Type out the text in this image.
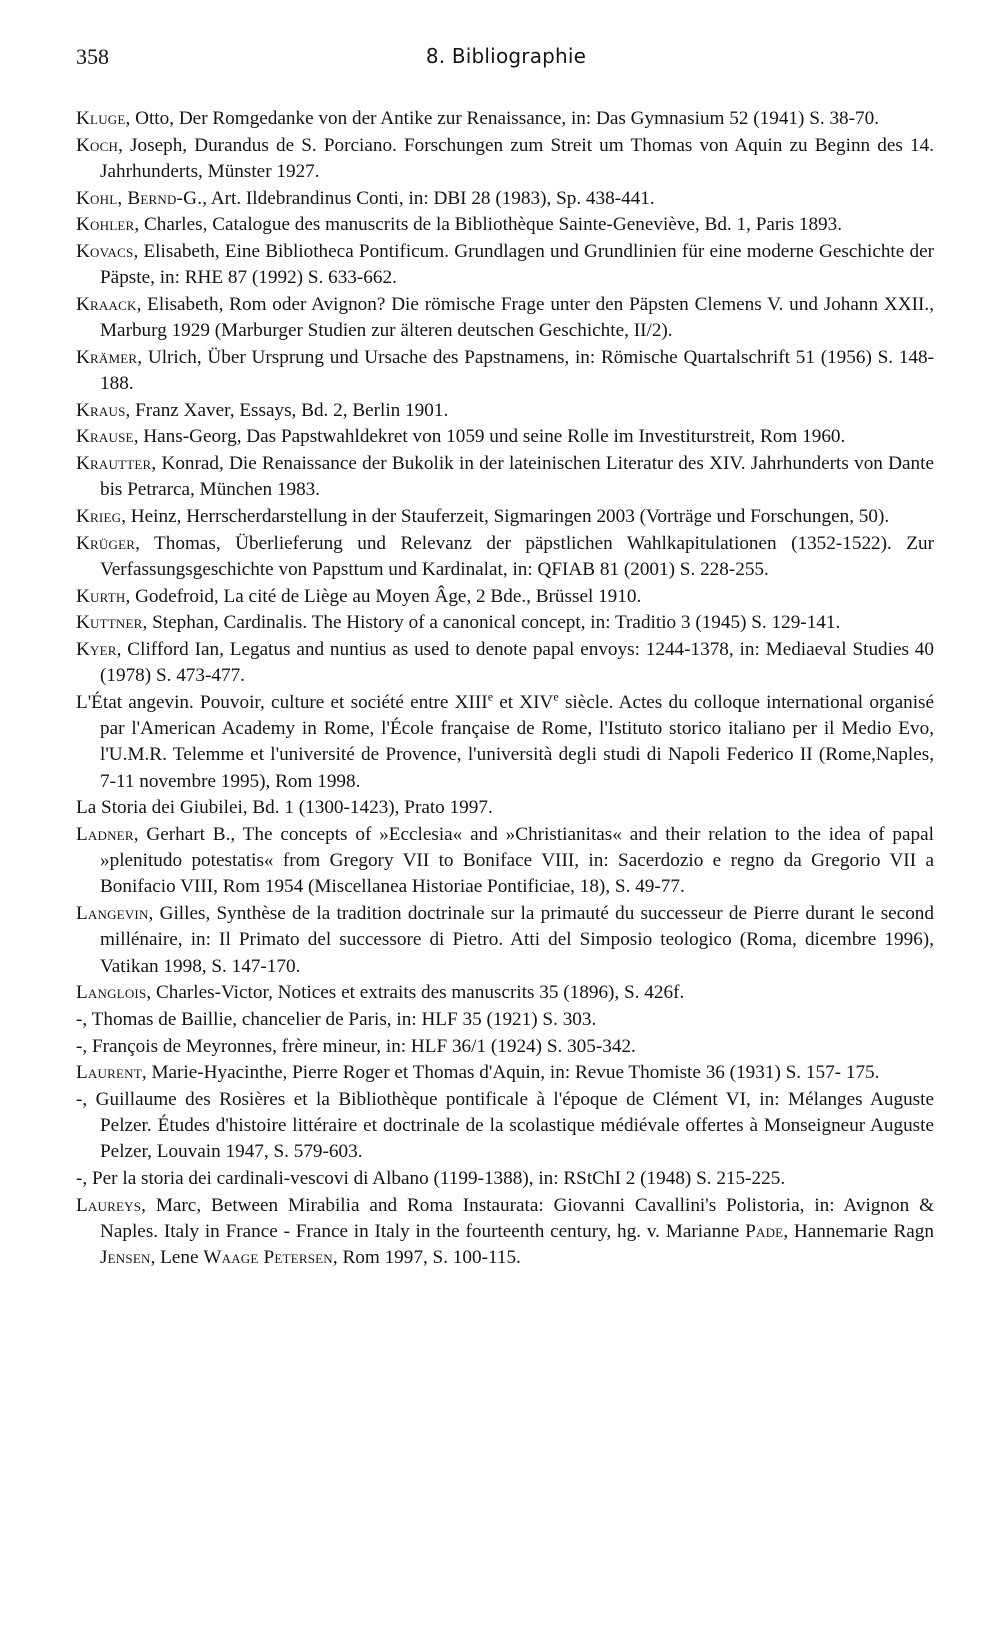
358	8. Bibliographie
Kluge, Otto, Der Romgedanke von der Antike zur Renaissance, in: Das Gymnasium 52 (1941) S. 38-70.
Koch, Joseph, Durandus de S. Porciano. Forschungen zum Streit um Thomas von Aquin zu Beginn des 14. Jahrhunderts, Münster 1927.
Kohl, Bernd-G., Art. Ildebrandinus Conti, in: DBI 28 (1983), Sp. 438-441.
Kohler, Charles, Catalogue des manuscrits de la Bibliothèque Sainte-Geneviève, Bd. 1, Paris 1893.
Kovacs, Elisabeth, Eine Bibliotheca Pontificum. Grundlagen und Grundlinien für eine moderne Geschichte der Päpste, in: RHE 87 (1992) S. 633-662.
Kraack, Elisabeth, Rom oder Avignon? Die römische Frage unter den Päpsten Clemens V. und Johann XXII., Marburg 1929 (Marburger Studien zur älteren deutschen Geschichte, II/2).
Krämer, Ulrich, Über Ursprung und Ursache des Papstnamens, in: Römische Quartalschrift 51 (1956) S. 148-188.
Kraus, Franz Xaver, Essays, Bd. 2, Berlin 1901.
Krause, Hans-Georg, Das Papstwahldekret von 1059 und seine Rolle im Investiturstreit, Rom 1960.
Krautter, Konrad, Die Renaissance der Bukolik in der lateinischen Literatur des XIV. Jahrhunderts von Dante bis Petrarca, München 1983.
Krieg, Heinz, Herrscherdarstellung in der Stauferzeit, Sigmaringen 2003 (Vorträge und Forschungen, 50).
Krüger, Thomas, Überlieferung und Relevanz der päpstlichen Wahlkapitulationen (1352-1522). Zur Verfassungsgeschichte von Papsttum und Kardinalat, in: QFIAB 81 (2001) S. 228-255.
Kurth, Godefroid, La cité de Liège au Moyen Âge, 2 Bde., Brüssel 1910.
Kuttner, Stephan, Cardinalis. The History of a canonical concept, in: Traditio 3 (1945) S. 129-141.
Kyer, Clifford Ian, Legatus and nuntius as used to denote papal envoys: 1244-1378, in: Mediaeval Studies 40 (1978) S. 473-477.
L'État angevin. Pouvoir, culture et société entre XIIIe et XIVe siècle. Actes du colloque international organisé par l'American Academy in Rome, l'École française de Rome, l'Istituto storico italiano per il Medio Evo, l'U.M.R. Telemme et l'université de Provence, l'università degli studi di Napoli Federico II (Rome,Naples, 7-11 novembre 1995), Rom 1998.
La Storia dei Giubilei, Bd. 1 (1300-1423), Prato 1997.
Ladner, Gerhart B., The concepts of »Ecclesia« and »Christianitas« and their relation to the idea of papal »plenitudo potestatis« from Gregory VII to Boniface VIII, in: Sacerdozio e regno da Gregorio VII a Bonifacio VIII, Rom 1954 (Miscellanea Historiae Pontificiae, 18), S. 49-77.
Langevin, Gilles, Synthèse de la tradition doctrinale sur la primauté du successeur de Pierre durant le second millénaire, in: Il Primato del successore di Pietro. Atti del Simposio teologico (Roma, dicembre 1996), Vatikan 1998, S. 147-170.
Langlois, Charles-Victor, Notices et extraits des manuscrits 35 (1896), S. 426f.
-, Thomas de Baillie, chancelier de Paris, in: HLF 35 (1921) S. 303.
-, François de Meyronnes, frère mineur, in: HLF 36/1 (1924) S. 305-342.
Laurent, Marie-Hyacinthe, Pierre Roger et Thomas d'Aquin, in: Revue Thomiste 36 (1931) S. 157- 175.
-, Guillaume des Rosières et la Bibliothèque pontificale à l'époque de Clément VI, in: Mélanges Auguste Pelzer. Études d'histoire littéraire et doctrinale de la scolastique médiévale offertes à Monseigneur Auguste Pelzer, Louvain 1947, S. 579-603.
-, Per la storia dei cardinali-vescovi di Albano (1199-1388), in: RStChI 2 (1948) S. 215-225.
Laureys, Marc, Between Mirabilia and Roma Instaurata: Giovanni Cavallini's Polistoria, in: Avignon & Naples. Italy in France - France in Italy in the fourteenth century, hg. v. Marianne Pade, Hannemarie Ragn Jensen, Lene Waage Petersen, Rom 1997, S. 100-115.
